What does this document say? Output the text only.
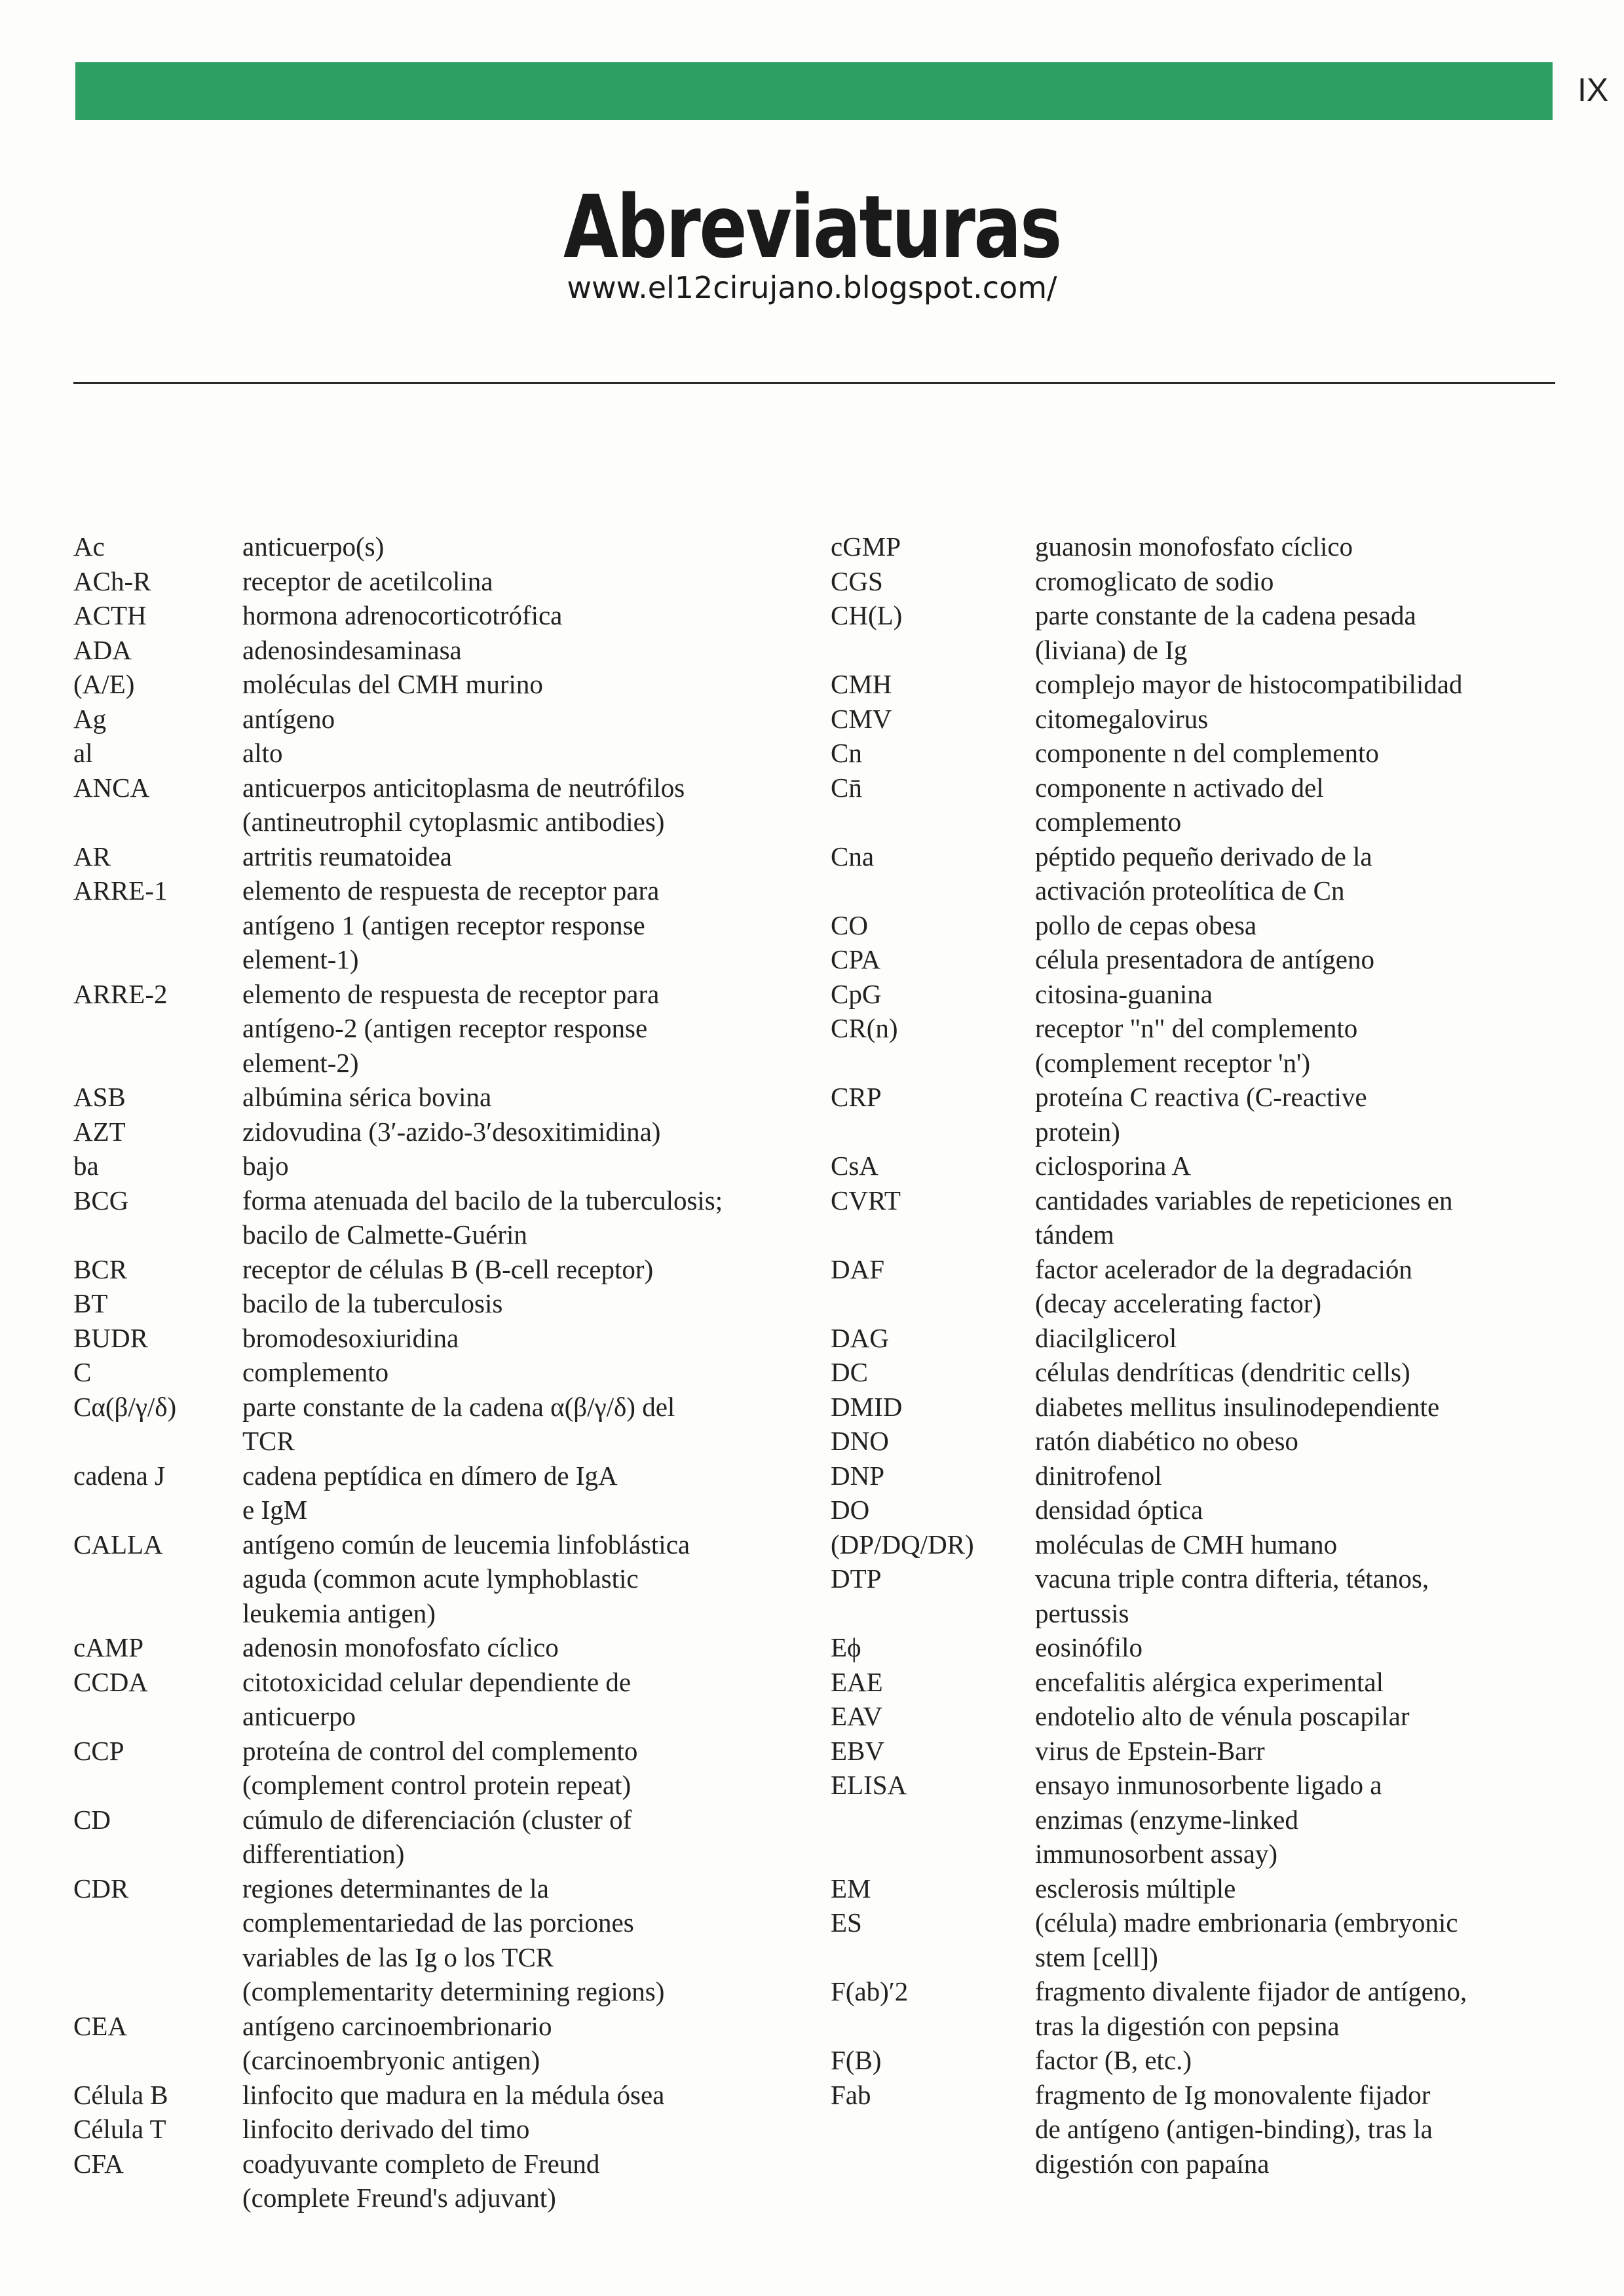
IX
Abreviaturas
www.el12cirujano.blogspot.com/
Ac	anticuerpo(s)
ACh-R	receptor de acetilcolina
ACTH	hormona adrenocorticotrófica
ADA	adenosindesaminasa
(A/E)	moléculas del CMH murino
Ag	antígeno
al	alto
ANCA	anticuerpos anticitoplasma de neutrófilos
(antineutrophil cytoplasmic antibodies)
AR	artritis reumatoidea
ARRE-1	elemento de respuesta de receptor para
antígeno 1 (antigen receptor response
element-1)
ARRE-2	elemento de respuesta de receptor para
antígeno-2 (antigen receptor response
element-2)
ASB	albúmina sérica bovina
AZT	zidovudina (3′-azido-3′desoxitimidina)
ba	bajo
BCG	forma atenuada del bacilo de la tuberculosis;
bacilo de Calmette-Guérin
BCR	receptor de células B (B-cell receptor)
BT	bacilo de la tuberculosis
BUDR	bromodesoxiuridina
C	complemento
Cα(β/γ/δ)	parte constante de la cadena α(β/γ/δ) del
TCR
cadena J	cadena peptídica en dímero de IgA
e IgM
CALLA	antígeno común de leucemia linfoblástica
aguda (common acute lymphoblastic
leukemia antigen)
cAMP	adenosin monofosfato cíclico
CCDA	citotoxicidad celular dependiente de
anticuerpo
CCP	proteína de control del complemento
(complement control protein repeat)
CD	cúmulo de diferenciación (cluster of
differentiation)
CDR	regiones determinantes de la
complementariedad de las porciones
variables de las Ig o los TCR
(complementarity determining regions)
CEA	antígeno carcinoembrionario
(carcinoembryonic antigen)
Célula B	linfocito que madura en la médula ósea
Célula T	linfocito derivado del timo
CFA	coadyuvante completo de Freund
(complete Freund's adjuvant)
cGMP	guanosin monofosfato cíclico
CGS	cromoglicato de sodio
CH(L)	parte constante de la cadena pesada
(liviana) de Ig
CMH	complejo mayor de histocompatibilidad
CMV	citomegalovirus
Cn	componente n del complemento
Cn̄	componente n activado del
complemento
Cna	péptido pequeño derivado de la
activación proteolítica de Cn
CO	pollo de cepas obesa
CPA	célula presentadora de antígeno
CpG	citosina-guanina
CR(n)	receptor "n" del complemento
(complement receptor 'n')
CRP	proteína C reactiva (C-reactive
protein)
CsA	ciclosporina A
CVRT	cantidades variables de repeticiones en
tándem
DAF	factor acelerador de la degradación
(decay accelerating factor)
DAG	diacilglicerol
DC	células dendríticas (dendritic cells)
DMID	diabetes mellitus insulinodependiente
DNO	ratón diabético no obeso
DNP	dinitrofenol
DO	densidad óptica
(DP/DQ/DR)	moléculas de CMH humano
DTP	vacuna triple contra difteria, tétanos,
pertussis
Eϕ	eosinófilo
EAE	encefalitis alérgica experimental
EAV	endotelio alto de vénula poscapilar
EBV	virus de Epstein-Barr
ELISA	ensayo inmunosorbente ligado a
enzimas (enzyme-linked
immunosorbent assay)
EM	esclerosis múltiple
ES	(célula) madre embrionaria (embryonic
stem [cell])
F(ab)′2	fragmento divalente fijador de antígeno,
tras la digestión con pepsina
F(B)	factor (B, etc.)
Fab	fragmento de Ig monovalente fijador
de antígeno (antigen-binding), tras la
digestión con papaína
